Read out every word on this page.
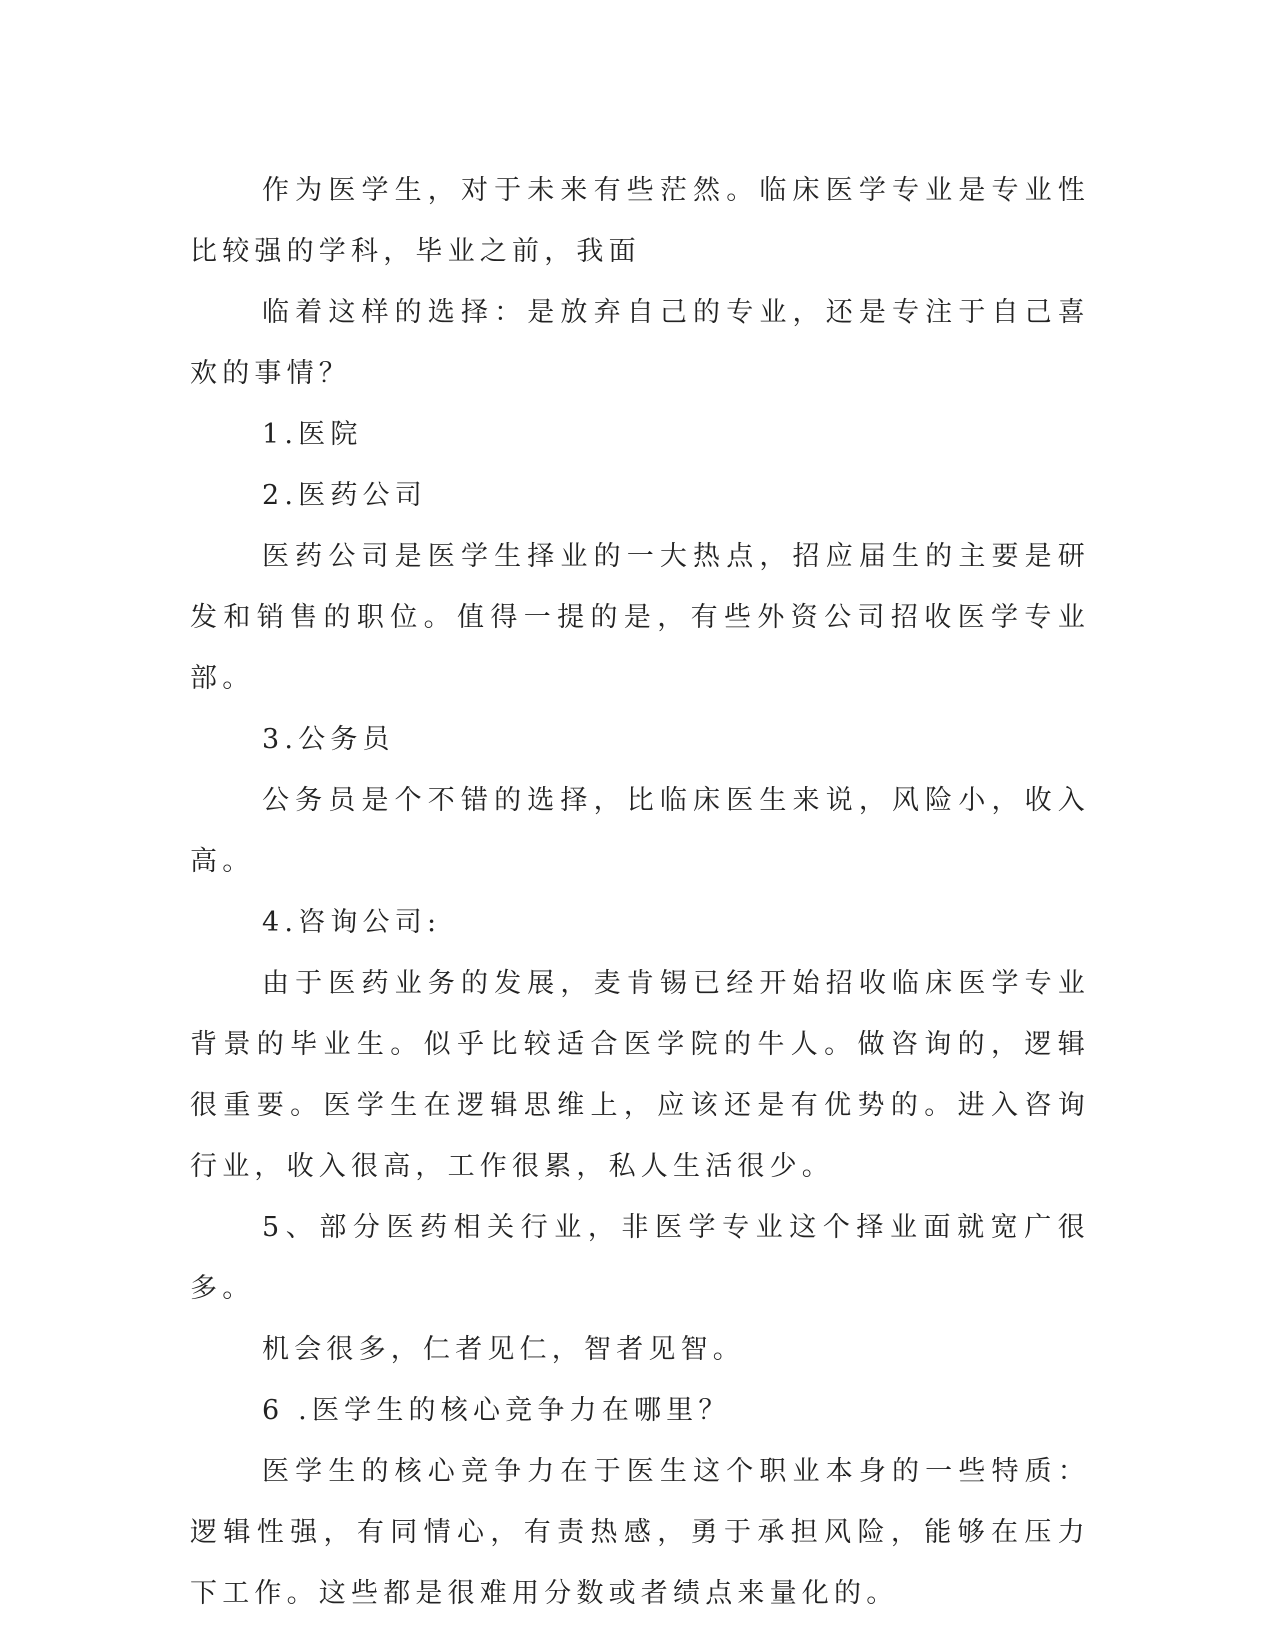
作为医学生，对于未来有些茫然。临床医学专业是专业性比较强的学科，毕业之前，我面

临着这样的选择：是放弃自己的专业，还是专注于自己喜欢的事情？

1.医院

2.医药公司

医药公司是医学生择业的一大热点，招应届生的主要是研发和销售的职位。值得一提的是，有些外资公司招收医学专业部。

3.公务员

公务员是个不错的选择，比临床医生来说，风险小，收入高。

4.咨询公司:

由于医药业务的发展，麦肯锡已经开始招收临床医学专业背景的毕业生。似乎比较适合医学院的牛人。做咨询的，逻辑很重要。医学生在逻辑思维上，应该还是有优势的。进入咨询行业，收入很高，工作很累，私人生活很少。

5、部分医药相关行业，非医学专业这个择业面就宽广很多。

机会很多，仁者见仁，智者见智。

6 .医学生的核心竞争力在哪里？

医学生的核心竞争力在于医生这个职业本身的一些特质：逻辑性强，有同情心，有责热感，勇于承担风险，能够在压力下工作。这些都是很难用分数或者绩点来量化的。
